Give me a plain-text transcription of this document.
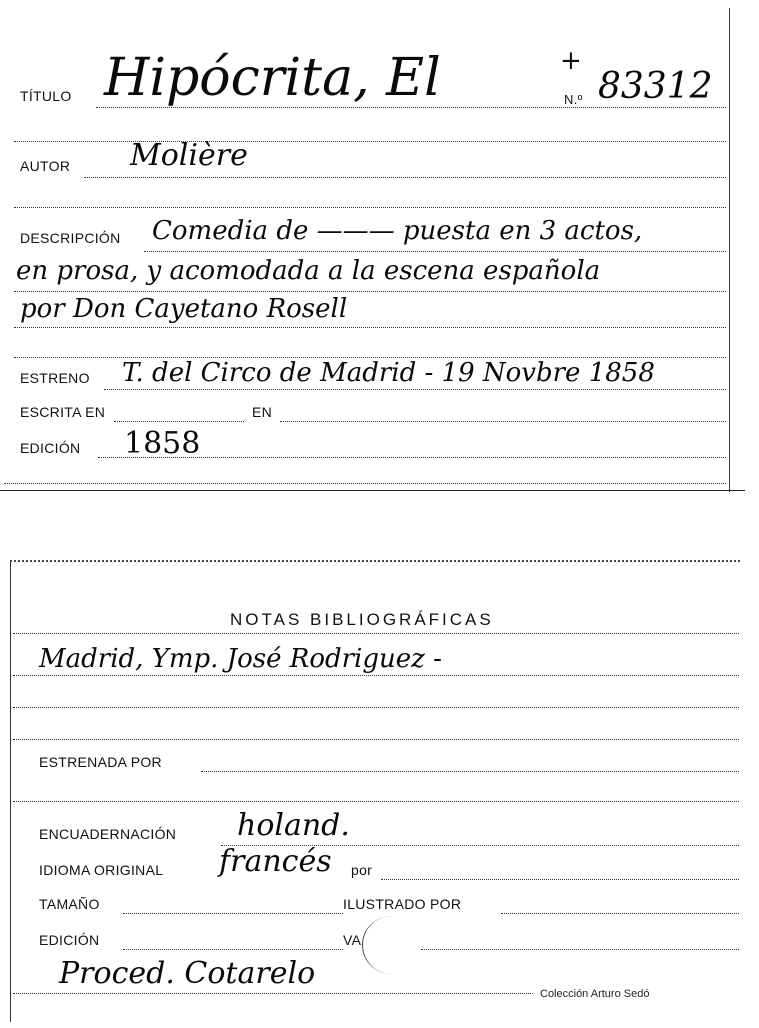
TÍTULO Hipócrita, El	+
N.º 83312
AUTOR Molière
DESCRIPCIÓN Comedia de ——— puesta en 3 actos,
en prosa, y acomodada a la escena española
por Don Cayetano Rosell
ESTRENO T. del Circo de Madrid - 19 Novbre 1858
ESCRITA EN	EN
EDICIÓN 1858
NOTAS BIBLIOGRÁFICAS
Madrid, Ymp. José Rodriguez -
ESTRENADA POR
ENCUADERNACIÓN holand.
IDIOMA ORIGINAL francés por
TAMAÑO	ILUSTRADO POR
EDICIÓN	VA
Proced. Cotarelo
Colección Arturo Sedó
